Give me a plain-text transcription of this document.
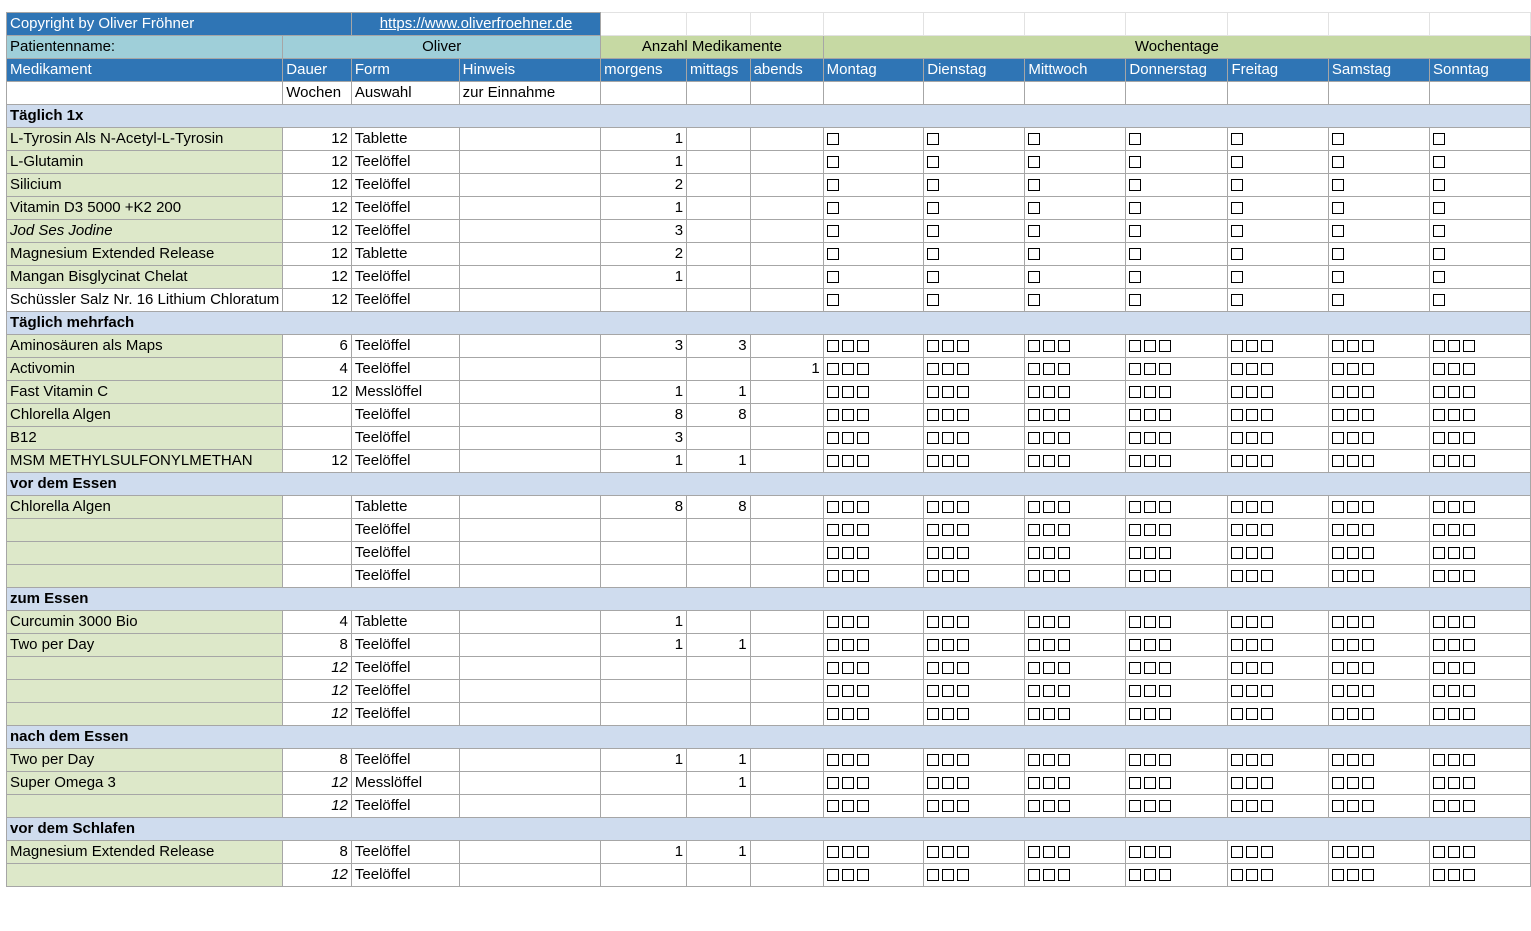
Copyright by Oliver Fröhner		https://www.oliverfroehner.de											
Patientenname:	Oliver			Anzahl Medikamente			Wochentage						
Medikament	Dauer	Form	Hinweis	morgens	mittags	abends	Montag	Dienstag	Mittwoch	Donnerstag	Freitag	Samstag	Sonntag
	Wochen	Auswahl	zur Einnahme										
Täglich 1x													
L-Tyrosin Als N-Acetyl-L-Tyrosin	12	Tablette		1			

L-Glutamin	12	Teelöffel		1			

Silicium	12	Teelöffel		2			

Vitamin D3 5000 +K2 200	12	Teelöffel		1			

Jod Ses Jodine	12	Teelöffel		3			

Magnesium Extended Release	12	Tablette		2			

Mangan Bisglycinat Chelat	12	Teelöffel		1			

Schüssler Salz Nr. 16 Lithium Chloratum	12	Teelöffel					

Täglich mehrfach													
Aminosäuren als Maps	6	Teelöffel		3	3		

Activomin	4	Teelöffel				1	

Fast Vitamin C	12	Messlöffel		1	1		

Chlorella Algen		Teelöffel		8	8		

B12		Teelöffel		3			

MSM METHYLSULFONYLMETHAN	12	Teelöffel		1	1		

vor dem Essen													
Chlorella Algen		Tablette		8	8		

		Teelöffel					

		Teelöffel					

		Teelöffel					

zum Essen													
Curcumin 3000 Bio	4	Tablette		1			

Two per Day	8	Teelöffel		1	1		

	12	Teelöffel					

	12	Teelöffel					

	12	Teelöffel					

nach dem Essen													
Two per Day	8	Teelöffel		1	1		

Super Omega 3	12	Messlöffel			1		

	12	Teelöffel					

vor dem Schlafen													
Magnesium Extended Release	8	Teelöffel		1	1		

	12	Teelöffel					
